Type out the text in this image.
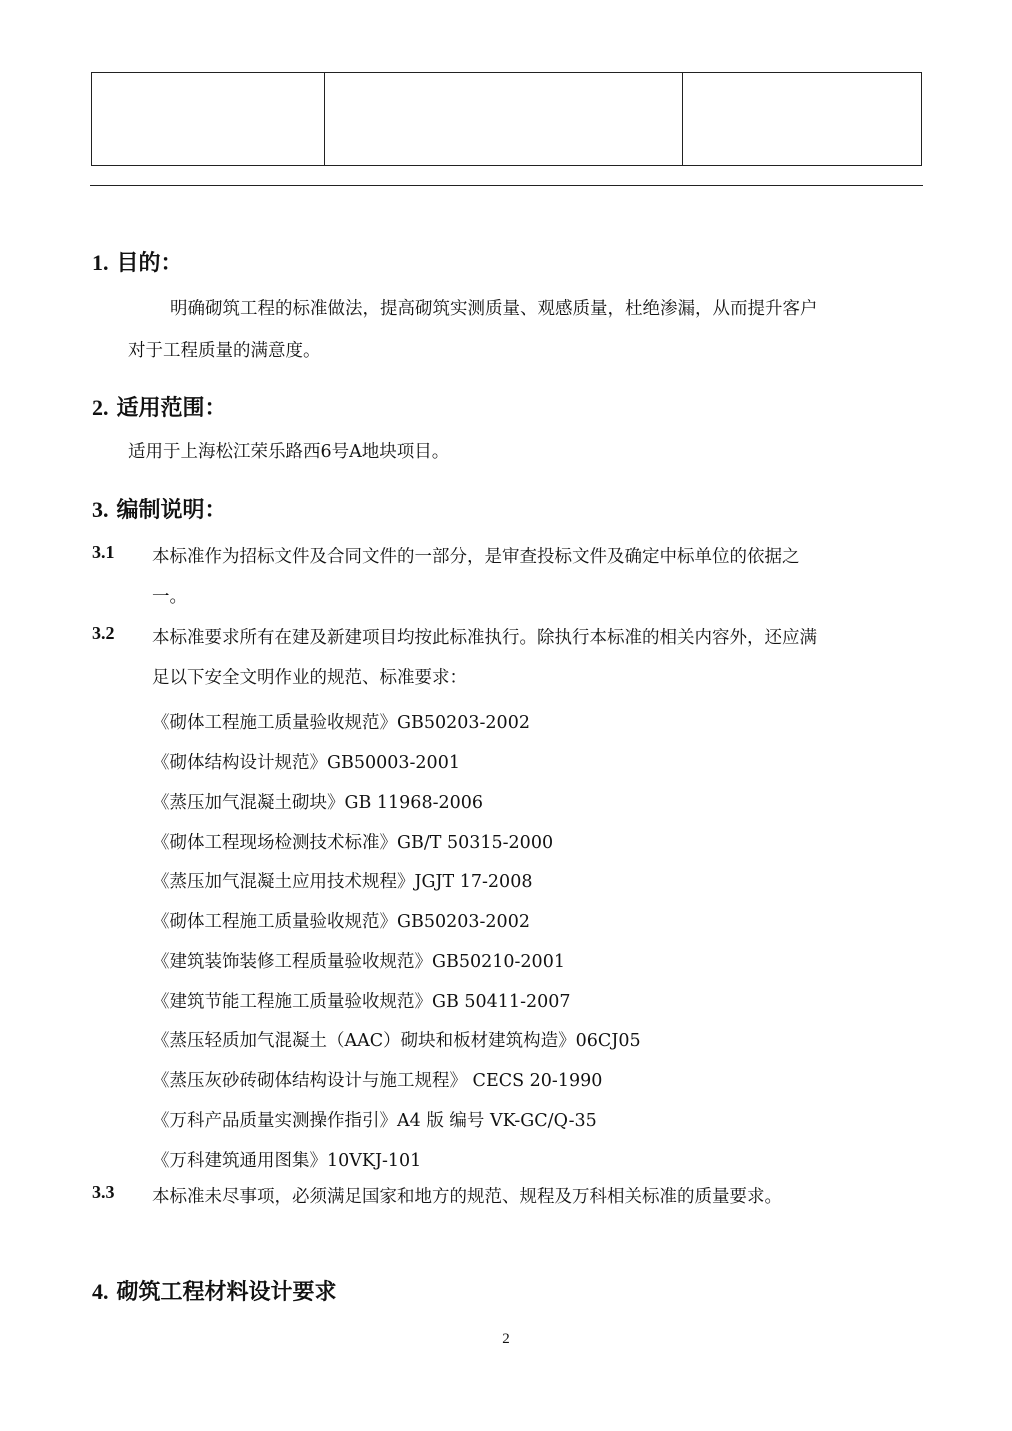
1. 目的：
明确砌筑工程的标准做法，提高砌筑实测质量、观感质量，杜绝渗漏，从而提升客户
对于工程质量的满意度。
2. 适用范围：
适用于上海松江荣乐路西6号A地块项目。
3. 编制说明：
3.1 本标准作为招标文件及合同文件的一部分，是审查投标文件及确定中标单位的依据之
一。
3.2 本标准要求所有在建及新建项目均按此标准执行。除执行本标准的相关内容外，还应满
足以下安全文明作业的规范、标准要求：
《砌体工程施工质量验收规范》GB50203-2002
《砌体结构设计规范》GB50003-2001
《蒸压加气混凝土砌块》GB 11968-2006
《砌体工程现场检测技术标准》GB/T 50315-2000
《蒸压加气混凝土应用技术规程》JGJT 17-2008
《砌体工程施工质量验收规范》GB50203-2002
《建筑装饰装修工程质量验收规范》GB50210-2001
《建筑节能工程施工质量验收规范》GB 50411-2007
《蒸压轻质加气混凝土（AAC）砌块和板材建筑构造》06CJ05
《蒸压灰砂砖砌体结构设计与施工规程》 CECS 20-1990
《万科产品质量实测操作指引》A4 版 编号 VK-GC/Q-35
《万科建筑通用图集》10VKJ-101
3.3 本标准未尽事项，必须满足国家和地方的规范、规程及万科相关标准的质量要求。
4. 砌筑工程材料设计要求
2
